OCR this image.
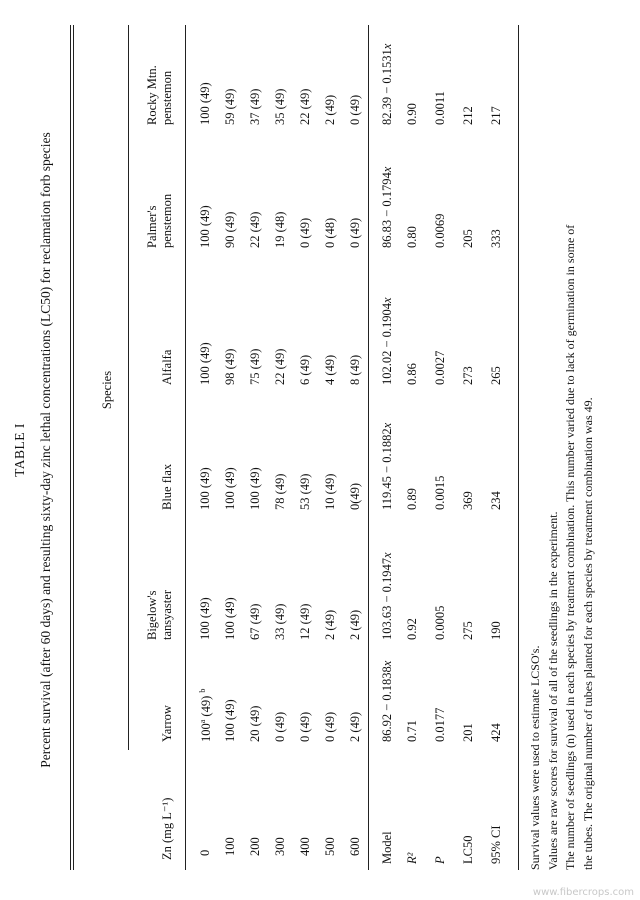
TABLE I Percent survival (after 60 days) and resulting sixty-day zinc lethal concentrations (LC50) for reclamation forb species	Species
Zn (mg L⁻¹)
Yarrow
Bigelow's tansyaster
Blue flax
Alfalfa
Palmer's penstemon
Rocky Mtn. penstemon
0
100$^a$ (49) $^b$
100 (49)
100 (49)
100 (49)
100 (49)
100 (49)
100
100 (49)
100 (49)
100 (49)
98 (49)
90 (49)
59 (49)
200
20 (49)
67 (49)
100 (49)
75 (49)
22 (49)
37 (49)
300
0 (49)
33 (49)
78 (49)
22 (49)
19 (48)
35 (49)
400
0 (49)
12 (49)
53 (49)
6 (49)
0 (49)
22 (49)
500
0 (49)
2 (49)
10 (49)
4 (49)
0 (48)
2 (49)
600
2 (49)
2 (49)
0(49)
8 (49)
0 (49)
0 (49)
Model
86.92 − 0.1838x
103.63 − 0.1947x
119.45 − 0.1882x
102.02 − 0.1904x
86.83 − 0.1794x
82.39 − 0.1531x
R²
0.71
0.92
0.89
0.86
0.80
0.90
P
0.0177
0.0005
0.0015
0.0027
0.0069
0.0011
LC50
201
275
369
273
205
212
95% CI
424
190
234
265
333
217
Survival values were used to estimate LCSO's. Values are raw scores for survival of all of the seedlings in the experiment. The number of seedlings (n) used in each species by treatment combination. This number varied due to lack of germination in some of the tubes. The original number of tubes planted for each species by treatment combination was 49.
www.fibercrops.com
